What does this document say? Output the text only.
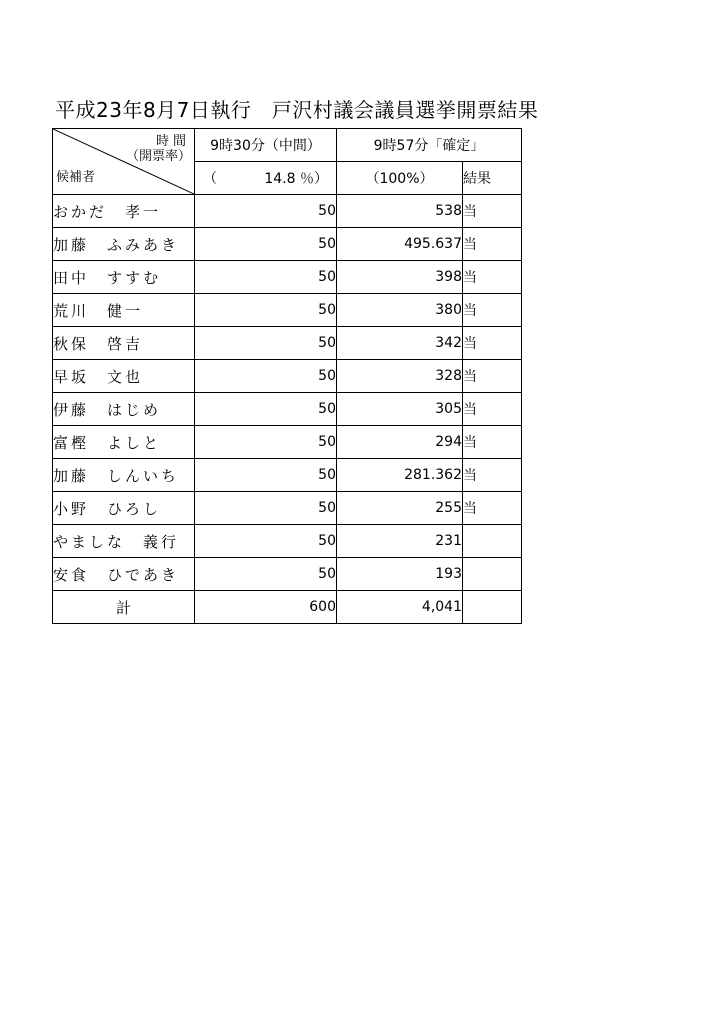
平成23年8月7日執行　戸沢村議会議員選挙開票結果
時間
（開票率）
候補者	9時30分（中間）	9時57分「確定」	

	（ 14.8 ％）	（100%）	結果
おかだ　孝一	50	538	当
加藤　ふみあき	50	495.637	当
田中　すすむ	50	398	当
荒川　健一	50	380	当
秋保　啓吉	50	342	当
早坂　文也	50	328	当
伊藤　はじめ	50	305	当
富樫　よしと	50	294	当
加藤　しんいち	50	281.362	当
小野　ひろし	50	255	当
やましな　義行	50	231	
安食　ひであき	50	193	
計	600	4,041	
